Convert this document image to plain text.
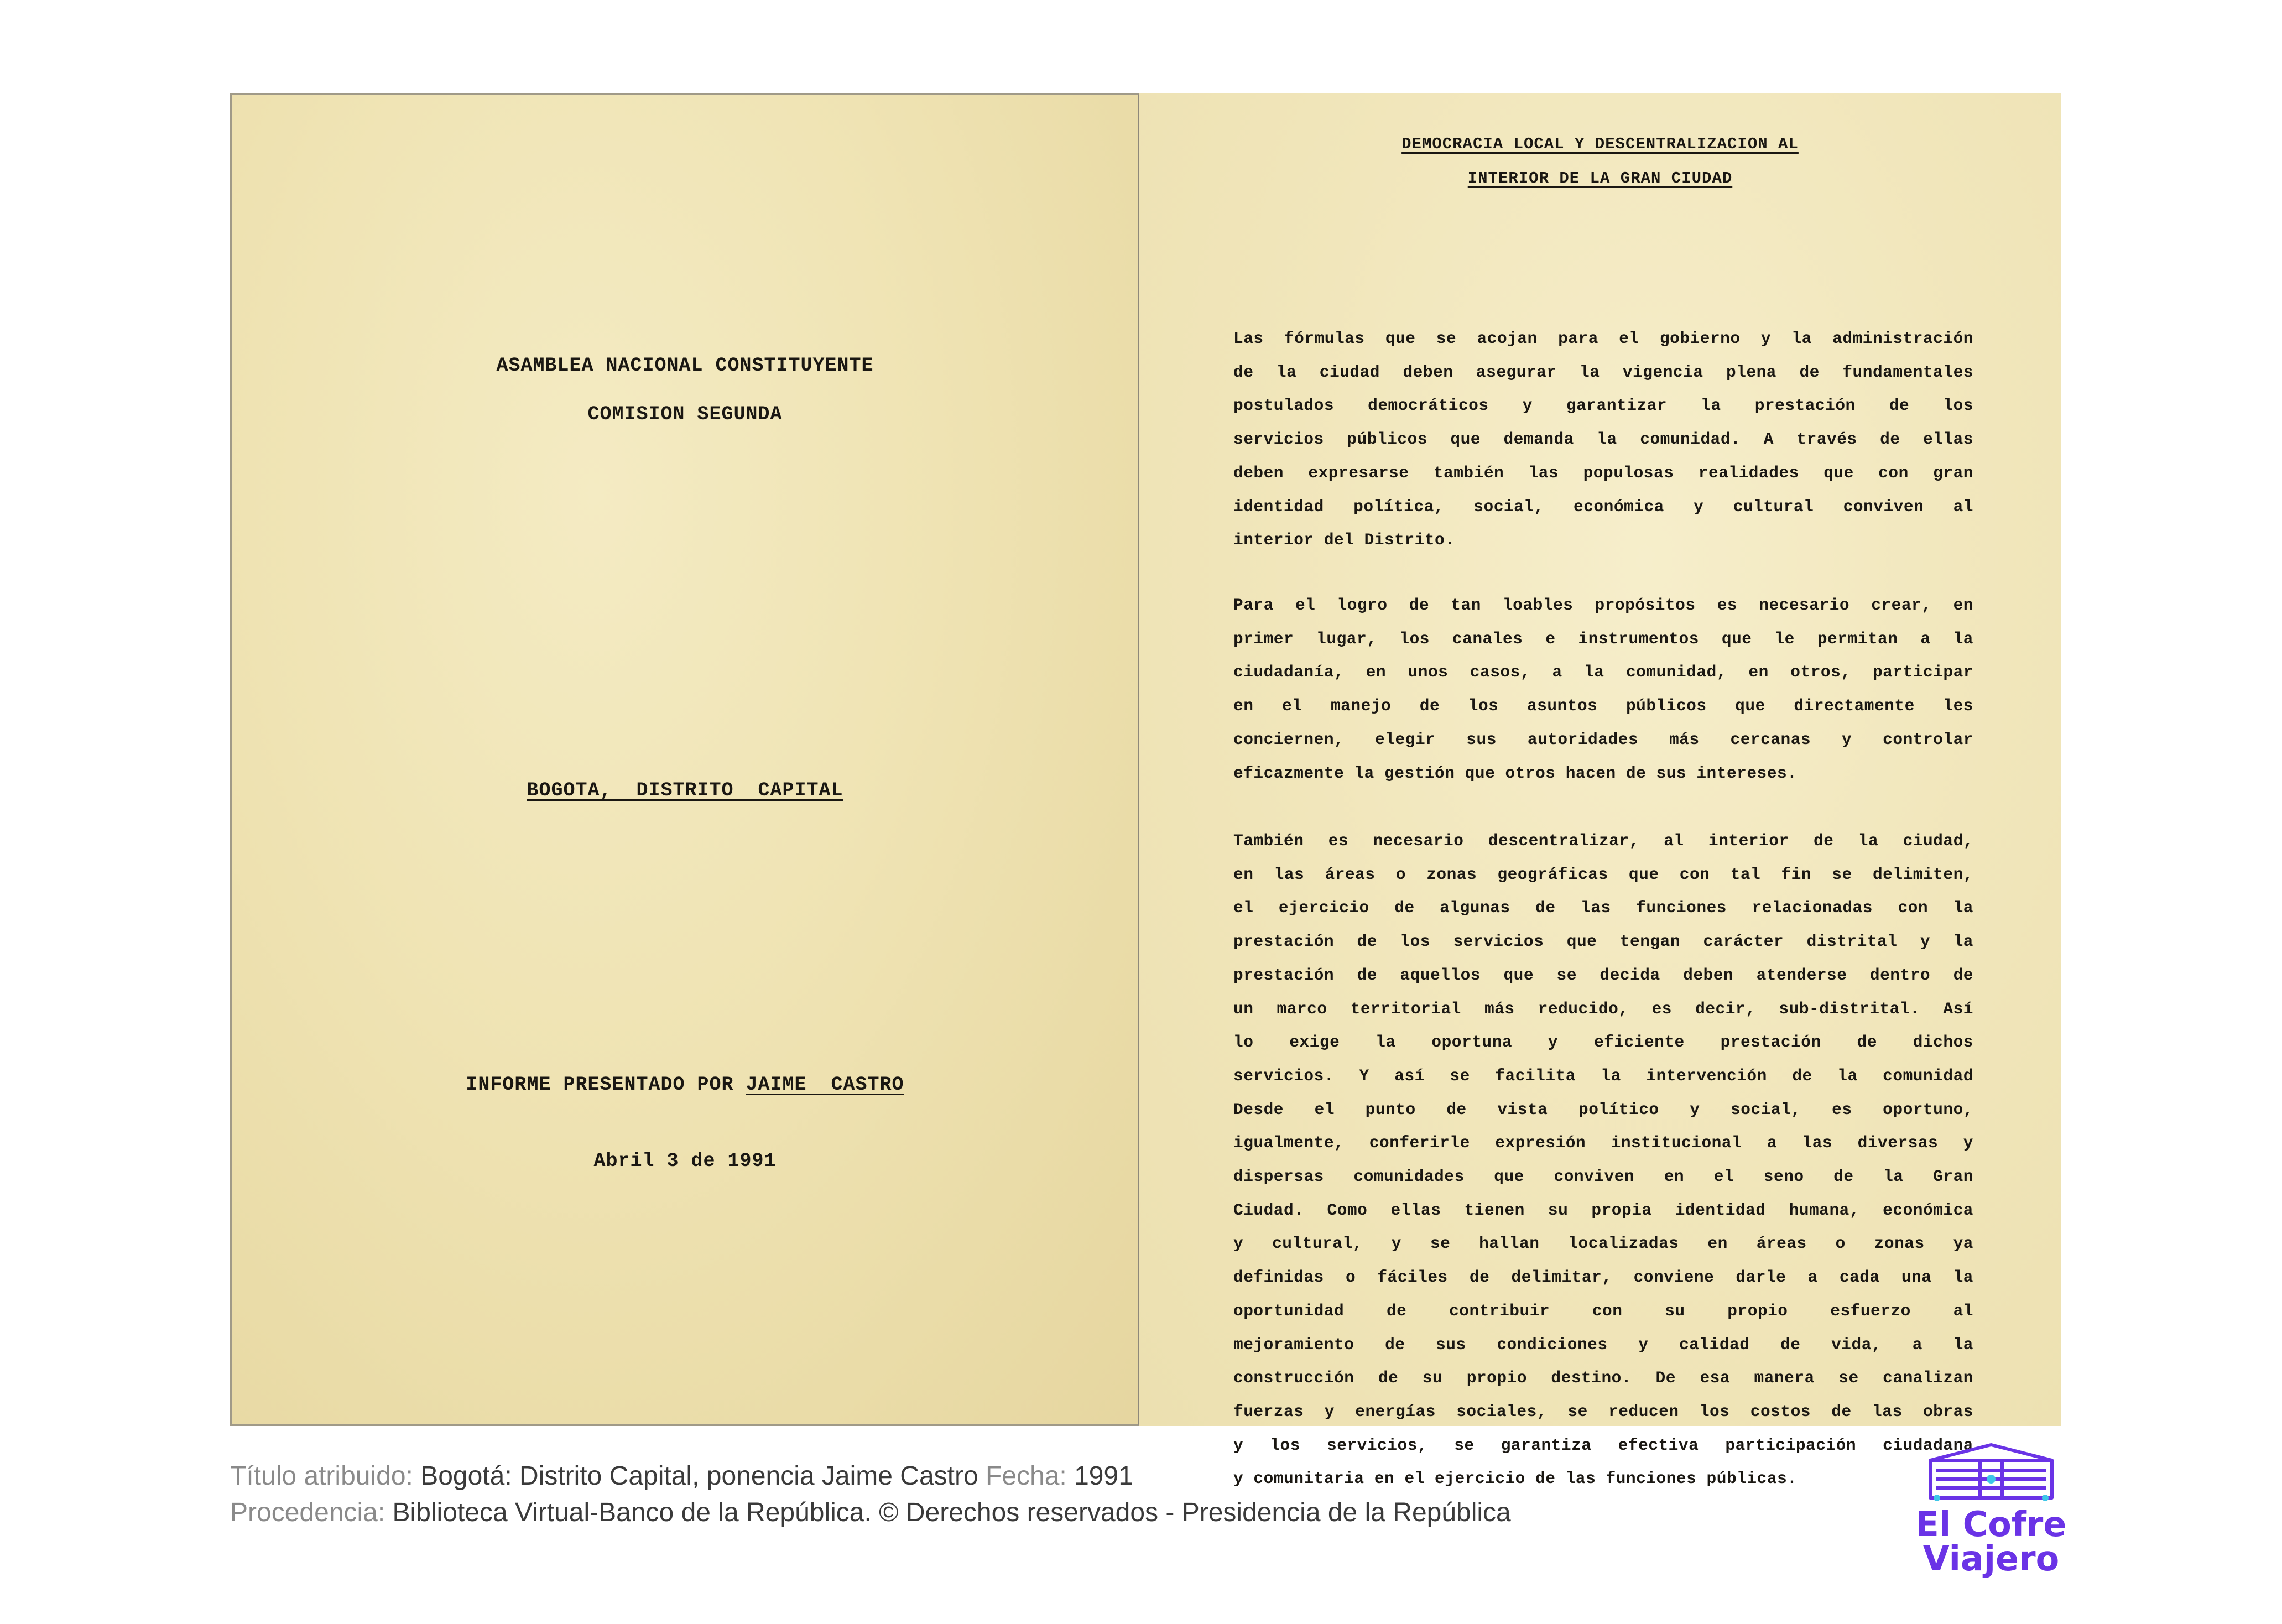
ASAMBLEA NACIONAL CONSTITUYENTE
COMISION SEGUNDA
BOGOTA,  DISTRITO  CAPITAL
INFORME PRESENTADO POR JAIME  CASTRO
Abril 3 de 1991
DEMOCRACIA LOCAL Y DESCENTRALIZACION AL
INTERIOR DE LA GRAN CIUDAD
Las fórmulas que se acojan para el gobierno y la administración
de la ciudad deben asegurar la vigencia plena de fundamentales
postulados democráticos y garantizar la prestación de los
servicios públicos que demanda la comunidad. A través de ellas
deben expresarse también las populosas realidades que con gran
identidad política, social, económica y cultural conviven al
interior del Distrito.
Para el logro de tan loables propósitos es necesario crear, en
primer lugar, los canales e instrumentos que le permitan a la
ciudadanía, en unos casos, a la comunidad, en otros, participar
en el manejo de los asuntos públicos que directamente les
conciernen, elegir sus autoridades más cercanas y controlar
eficazmente la gestión que otros hacen de sus intereses.
También es necesario descentralizar, al interior de la ciudad,
en las áreas o zonas geográficas que con tal fin se delimiten,
el ejercicio de algunas de las funciones relacionadas con la
prestación de los servicios que tengan carácter distrital y la
prestación de aquellos que se decida deben atenderse dentro de
un marco territorial más reducido, es decir, sub-distrital. Así
lo exige la oportuna y eficiente prestación de dichos
servicios. Y así se facilita la intervención de la comunidad
Desde el punto de vista político y social, es oportuno,
igualmente, conferirle expresión institucional a las diversas y
dispersas comunidades que conviven en el seno de la Gran
Ciudad. Como ellas tienen su propia identidad humana, económica
y cultural, y se hallan localizadas en áreas o zonas ya
definidas o fáciles de delimitar, conviene darle a cada una la
oportunidad de contribuir con su propio esfuerzo al
mejoramiento de sus condiciones y calidad de vida, a la
construcción de su propio destino. De esa manera se canalizan
fuerzas y energías sociales, se reducen los costos de las obras
y los servicios, se garantiza efectiva participación ciudadana
y comunitaria en el ejercicio de las funciones públicas.
Título atribuido: Bogotá: Distrito Capital, ponencia Jaime Castro Fecha: 1991
Procedencia: Biblioteca Virtual-Banco de la República. © Derechos reservados - Presidencia de la República	El Cofre
Viajero
